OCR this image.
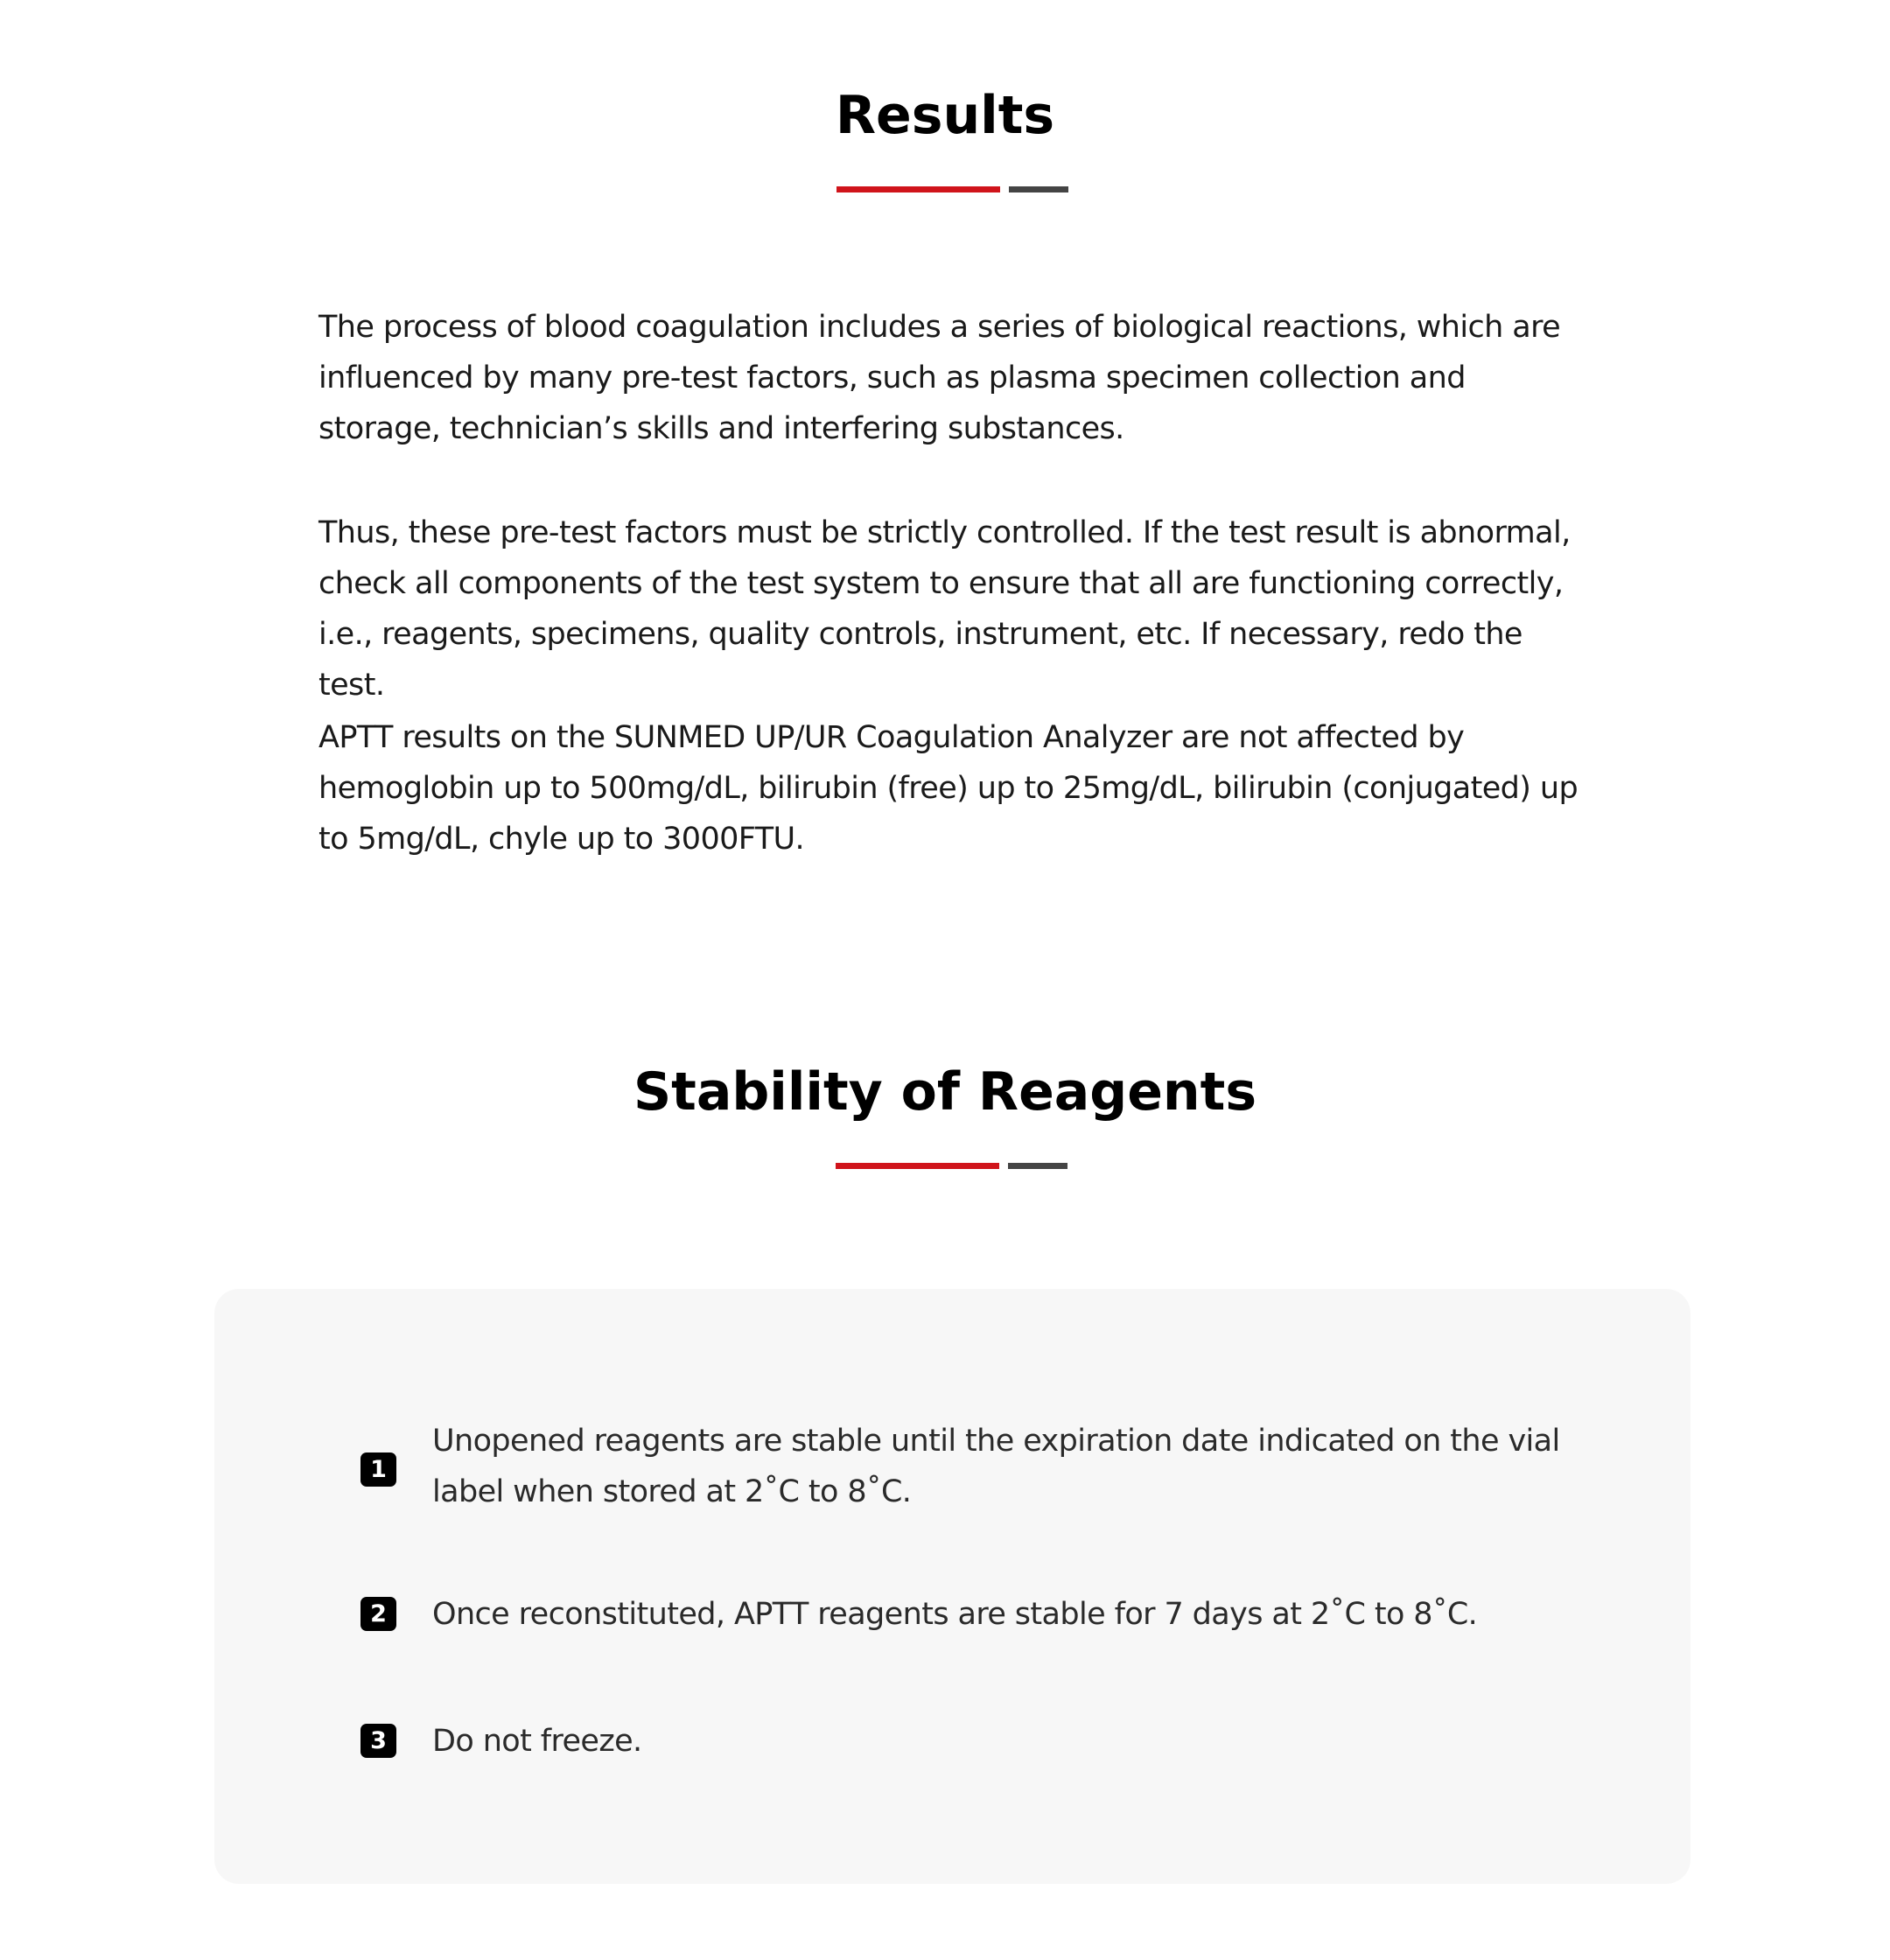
Results

The process of blood coagulation includes a series of biological reactions, which are influenced by many pre-test factors, such as plasma specimen collection and storage, technician’s skills and interfering substances.

Thus, these pre-test factors must be strictly controlled. If the test result is abnormal, check all components of the test system to ensure that all are functioning correctly, i.e., reagents, specimens, quality controls, instrument, etc. If necessary, redo the test.

APTT results on the SUNMED UP/UR Coagulation Analyzer are not affected by hemoglobin up to 500mg/dL, bilirubin (free) up to 25mg/dL, bilirubin (conjugated) up to 5mg/dL, chyle up to 3000FTU.

Stability of Reagents
1
Unopened reagents are stable until the expiration date indicated on the vial label when stored at 2˚C to 8˚C.
2	Once reconstituted, APTT reagents are stable for 7 days at 2˚C to 8˚C.
3	Do not freeze.
